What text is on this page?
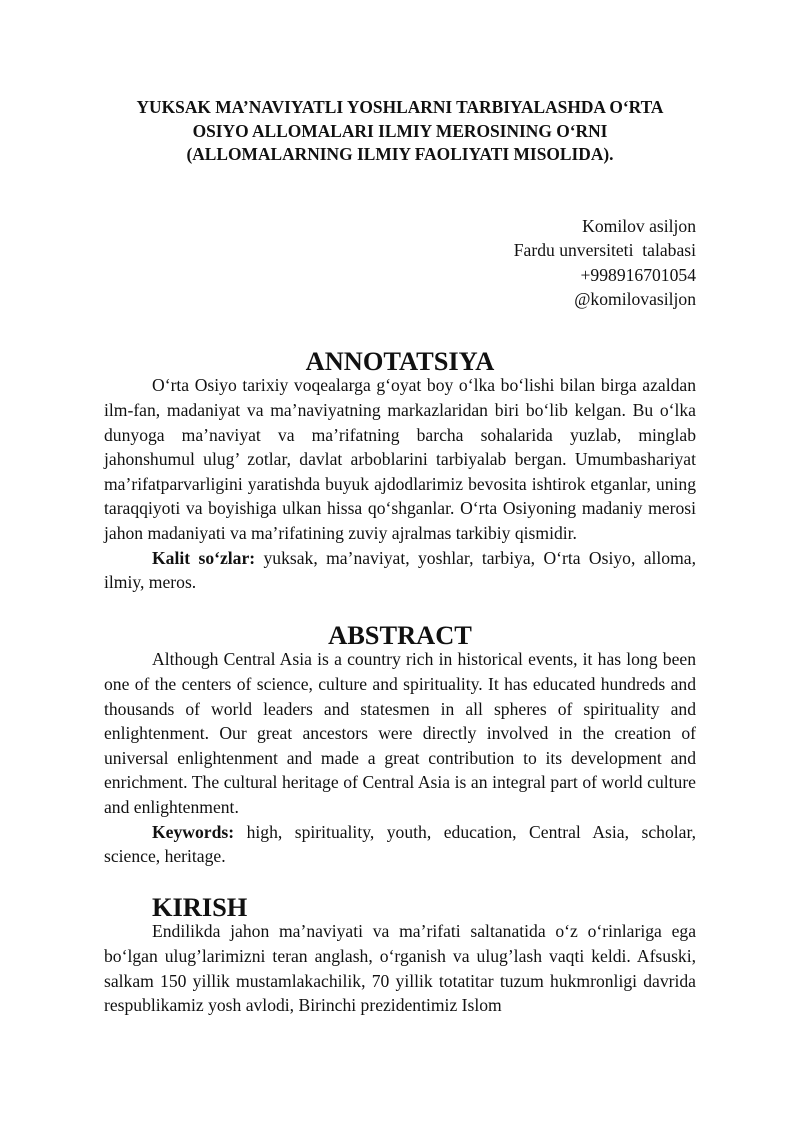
YUKSAK MA’NAVIYATLI YOSHLARNI TARBIYALASHDA O‘RTA
OSIYO ALLOMALARI ILMIY MEROSINING O‘RNI
(ALLOMALARNING ILMIY FAOLIYATI MISOLIDA).
Komilov asiljon
Fardu unversiteti  talabasi
+998916701054
@komilovasiljon
ANNOTATSIYA

O‘rta Osiyo tarixiy voqealarga g‘oyat boy o‘lka bo‘lishi bilan birga azaldan ilm-fan, madaniyat va ma’naviyatning markazlaridan biri bo‘lib kelgan. Bu o‘lka dunyoga ma’naviyat va ma’rifatning barcha sohalarida yuzlab, minglab jahonshumul ulug’ zotlar, davlat arboblarini tarbiyalab bergan. Umumbashariyat ma’rifatparvarligini yaratishda buyuk ajdodlarimiz bevosita ishtirok etganlar, uning taraqqiyoti va boyishiga ulkan hissa qo‘shganlar. O‘rta Osiyoning madaniy merosi jahon madaniyati va ma’rifatining zuviy ajralmas tarkibiy qismidir.

Kalit so‘zlar: yuksak, ma’naviyat, yoshlar, tarbiya, O‘rta Osiyo, alloma, ilmiy, meros.

ABSTRACT

Although Central Asia is a country rich in historical events, it has long been one of the centers of science, culture and spirituality. It has educated hundreds and thousands of world leaders and statesmen in all spheres of spirituality and enlightenment. Our great ancestors were directly involved in the creation of universal enlightenment and made a great contribution to its development and enrichment. The cultural heritage of Central Asia is an integral part of world culture and enlightenment.

Keywords: high, spirituality, youth, education, Central Asia, scholar, science, heritage.

KIRISH

Endilikda jahon ma’naviyati va ma’rifati saltanatida o‘z o‘rinlariga ega bo‘lgan ulug’larimizni teran anglash, o‘rganish va ulug’lash vaqti keldi. Afsuski, salkam 150 yillik mustamlakachilik, 70 yillik totatitar tuzum hukmronligi davrida respublikamiz yosh avlodi, Birinchi prezidentimiz Islom
